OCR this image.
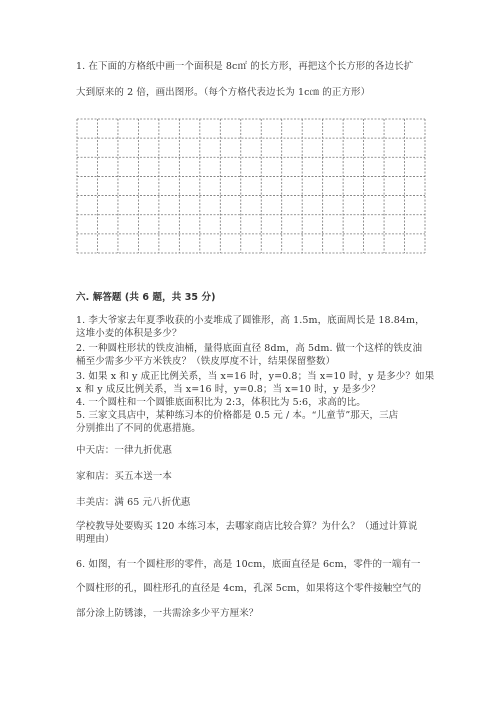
1. 在下面的方格纸中画一个面积是 8c㎡ 的长方形，再把这个长方形的各边长扩
大到原来的 2 倍，画出图形。（每个方格代表边长为 1c㎝ 的正方形）
六. 解答题 (共 6 题，共 35 分)
1. 李大爷家去年夏季收获的小麦堆成了圆锥形，高 1.5m，底面周长是 18.84m，
这堆小麦的体积是多少？
2. 一种圆柱形状的铁皮油桶，量得底面直径 8dm，高 5dm. 做一个这样的铁皮油
桶至少需多少平方米铁皮？（铁皮厚度不计，结果保留整数）
3. 如果 x 和 y 成正比例关系，当 x=16 时，y=0.8；当 x=10 时，y 是多少？如果
x 和 y 成反比例关系，当 x=16 时，y=0.8；当 x=10 时，y 是多少？
4. 一个圆柱和一个圆锥底面积比为 2:3，体积比为 5:6，求高的比。
5. 三家文具店中，某种练习本的价格都是 0.5 元 / 本。“儿童节”那天，三店
分别推出了不同的优惠措施。
中天店：一律九折优惠
家和店：买五本送一本
丰美店：满 65 元八折优惠
学校教导处要购买 120 本练习本，去哪家商店比较合算？为什么？（通过计算说
明理由）
6. 如图，有一个圆柱形的零件，高是 10cm，底面直径是 6cm，零件的一端有一
个圆柱形的孔，圆柱形孔的直径是 4cm，孔深 5cm，如果将这个零件接触空气的
部分涂上防锈漆，一共需涂多少平方厘米？
